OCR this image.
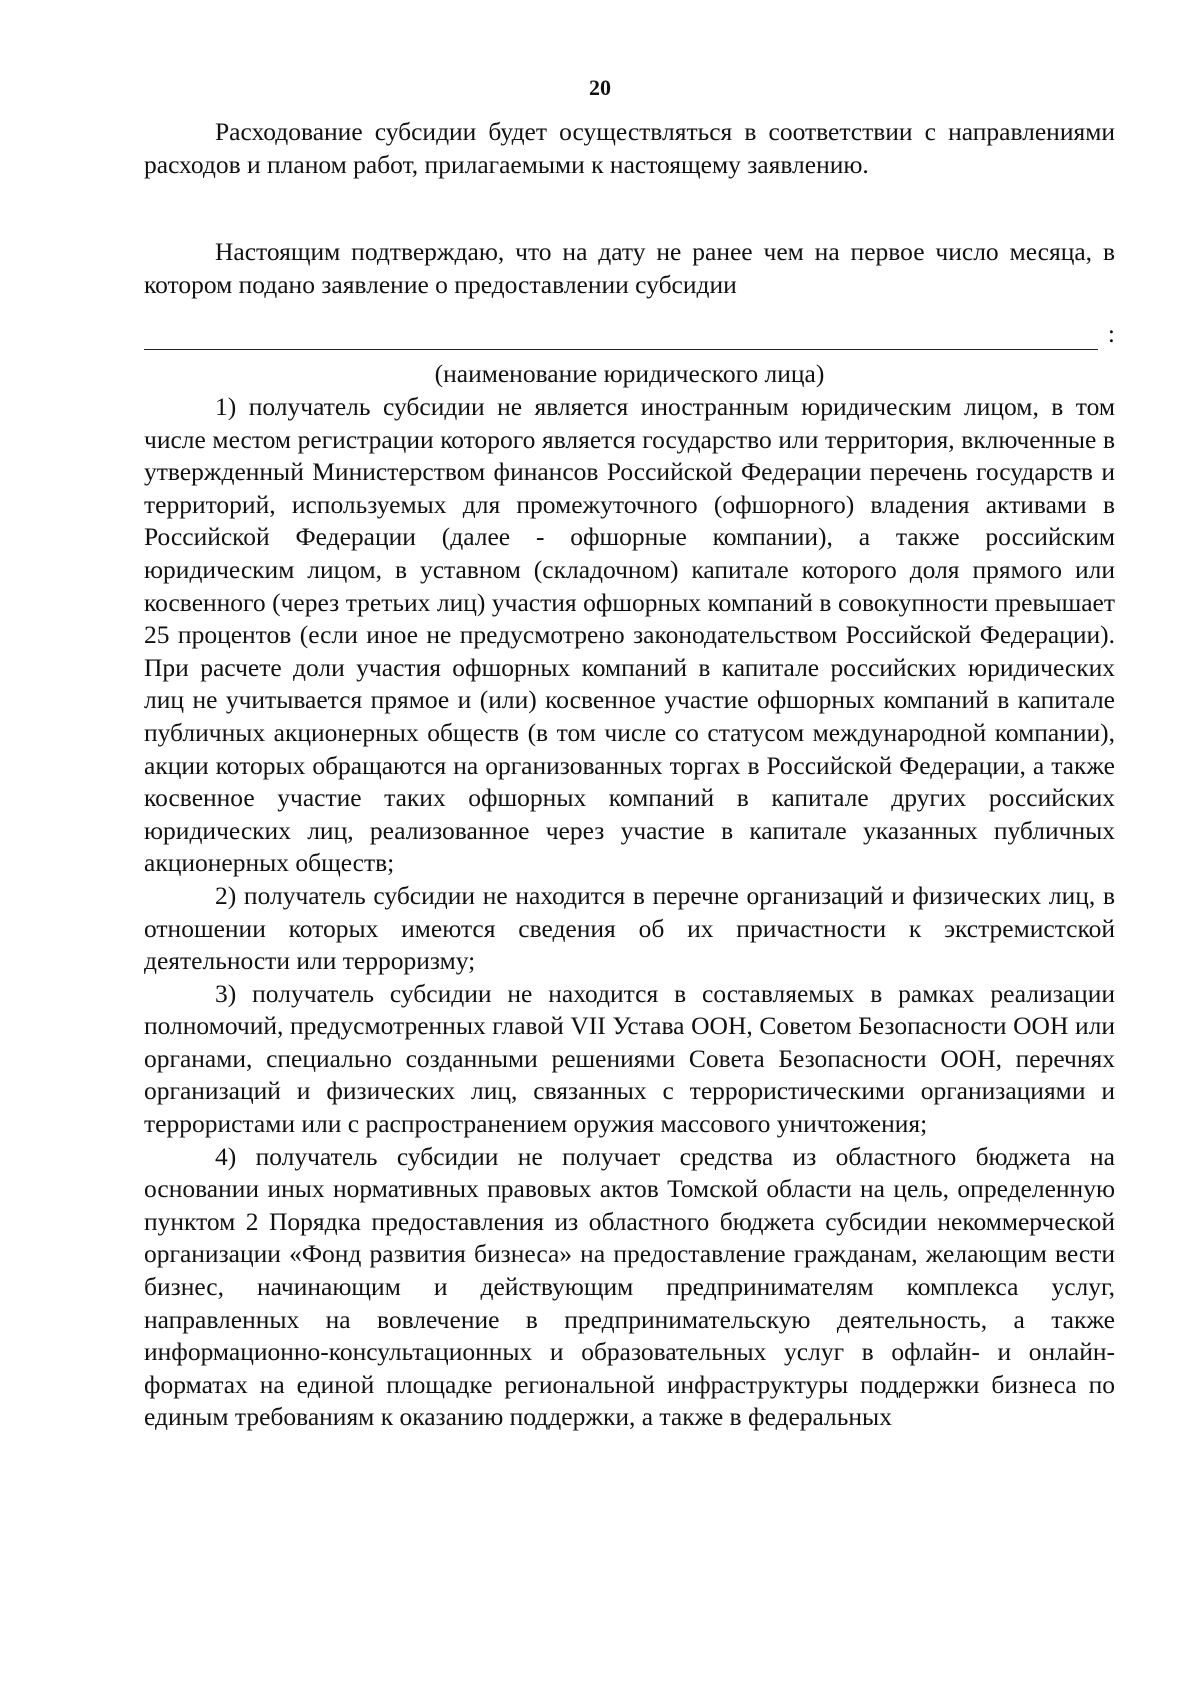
20

Расходование субсидии будет осуществляться в соответствии с направлениями расходов и планом работ, прилагаемыми к настоящему заявлению.

Настоящим подтверждаю, что на дату не ранее чем на первое число месяца, в котором подано заявление о предоставлении субсидии

:
(наименование юридического лица)

1) получатель субсидии не является иностранным юридическим лицом, в том числе местом регистрации которого является государство или территория, включенные в утвержденный Министерством финансов Российской Федерации перечень государств и территорий, используемых для промежуточного (офшорного) владения активами в Российской Федерации (далее - офшорные компании), а также российским юридическим лицом, в уставном (складочном) капитале которого доля прямого или косвенного (через третьих лиц) участия офшорных компаний в совокупности превышает 25 процентов (если иное не предусмотрено законодательством Российской Федерации). При расчете доли участия офшорных компаний в капитале российских юридических лиц не учитывается прямое и (или) косвенное участие офшорных компаний в капитале публичных акционерных обществ (в том числе со статусом международной компании), акции которых обращаются на организованных торгах в Российской Федерации, а также косвенное участие таких офшорных компаний в капитале других российских юридических лиц, реализованное через участие в капитале указанных публичных акционерных обществ;

2) получатель субсидии не находится в перечне организаций и физических лиц, в отношении которых имеются сведения об их причастности к экстремистской деятельности или терроризму;

3) получатель субсидии не находится в составляемых в рамках реализации полномочий, предусмотренных главой VII Устава ООН, Советом Безопасности ООН или органами, специально созданными решениями Совета Безопасности ООН, перечнях организаций и физических лиц, связанных с террористическими организациями и террористами или с распространением оружия массового уничтожения;

4) получатель субсидии не получает средства из областного бюджета на основании иных нормативных правовых актов Томской области на цель, определенную пунктом 2 Порядка предоставления из областного бюджета субсидии некоммерческой организации «Фонд развития бизнеса» на предоставление гражданам, желающим вести бизнес, начинающим и действующим предпринимателям комплекса услуг, направленных на вовлечение в предпринимательскую деятельность, а также информационно-консультационных и образовательных услуг в офлайн- и онлайн-форматах на единой площадке региональной инфраструктуры поддержки бизнеса по единым требованиям к оказанию поддержки, а также в федеральных
